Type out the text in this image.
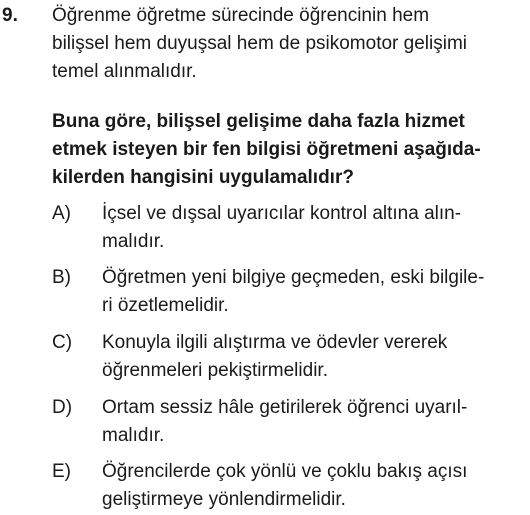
9. Öğrenme öğretme sürecinde öğrencinin hem
bilişsel hem duyuşsal hem de psikomotor gelişimi
temel alınmalıdır.
Buna göre, bilişsel gelişime daha fazla hizmet
etmek isteyen bir fen bilgisi öğretmeni aşağıda-
kilerden hangisini uygulamalıdır?
A)	İçsel ve dışsal uyarıcılar kontrol altına alın-
malıdır.
B)	Öğretmen yeni bilgiye geçmeden, eski bilgile-
ri özetlemelidir.
C)	Konuyla ilgili alıştırma ve ödevler vererek
öğrenmeleri pekiştirmelidir.
D)	Ortam sessiz hâle getirilerek öğrenci uyarıl-
malıdır.
E)	Öğrencilerde çok yönlü ve çoklu bakış açısı
geliştirmeye yönlendirmelidir.
